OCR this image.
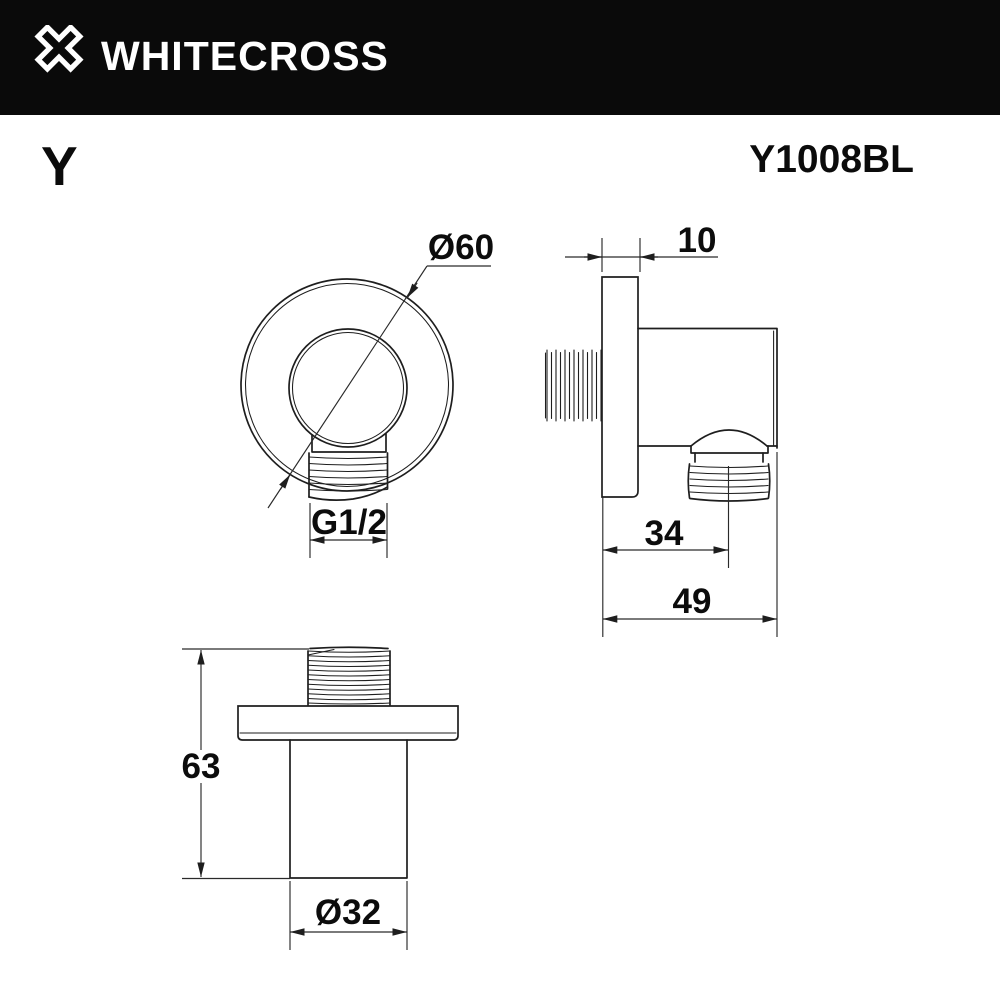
WHITECROSS
Y	Y1008BL
Ø60
G1/2
10
34
49
63
Ø32
